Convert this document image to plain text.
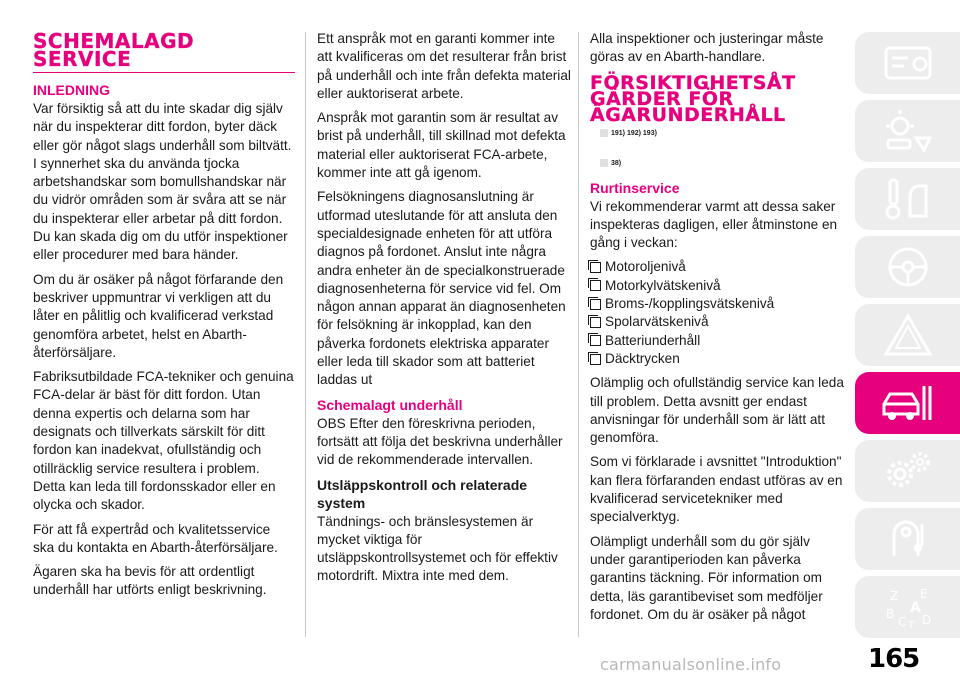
SCHEMALAGD
SERVICE
INLEDNING

Var försiktig så att du inte skadar dig själv när du inspekterar ditt fordon, byter däck eller gör något slags underhåll som biltvätt. I synnerhet ska du använda tjocka arbetshandskar som bomullshandskar när du vidrör områden som är svåra att se när du inspekterar eller arbetar på ditt fordon. Du kan skada dig om du utför inspektioner eller procedurer med bara händer.

Om du är osäker på något förfarande den beskriver uppmuntrar vi verkligen att du låter en pålitlig och kvalificerad verkstad genomföra arbetet, helst en Abarth-återförsäljare.

Fabriksutbildade FCA-tekniker och genuina FCA-delar är bäst för ditt fordon. Utan denna expertis och delarna som har designats och tillverkats särskilt för ditt fordon kan inadekvat, ofullständig och otillräcklig service resultera i problem. Detta kan leda till fordonsskador eller en olycka och skador.

För att få expertråd och kvalitetsservice ska du kontakta en Abarth-återförsäljare.

Ägaren ska ha bevis för att ordentligt underhåll har utförts enligt beskrivning.

Ett anspråk mot en garanti kommer inte att kvalificeras om det resulterar från brist på underhåll och inte från defekta material eller auktoriserat arbete.

Anspråk mot garantin som är resultat av brist på underhåll, till skillnad mot defekta material eller auktoriserat FCA-arbete, kommer inte att gå igenom.

Felsökningens diagnosanslutning är utformad uteslutande för att ansluta den specialdesignade enheten för att utföra diagnos på fordonet. Anslut inte några andra enheter än de specialkonstruerade diagnosenheterna för service vid fel. Om någon annan apparat än diagnosenheten för felsökning är inkopplad, kan den påverka fordonets elektriska apparater eller leda till skador som att batteriet laddas ut

Schemalagt underhåll

OBS Efter den föreskrivna perioden, fortsätt att följa det beskrivna underhåller vid de rekommenderade intervallen.

Utsläppskontroll och relaterade system

Tändnings- och bränslesystemen är mycket viktiga för utsläppskontrollsystemet och för effektiv motordrift. Mixtra inte med dem.

Alla inspektioner och justeringar måste göras av en Abarth-handlare.

FÖRSIKTIGHETSÅT
GÄRDER FÖR
ÄGARUNDERHÅLL
191) 192) 193)
38)
Rurtinservice

Vi rekommenderar varmt att dessa saker inspekteras dagligen, eller åtminstone en gång i veckan:

Motoroljenivå
Motorkylvätskenivå
Broms-/kopplingsvätskenivå
Spolarvätskenivå
Batteriunderhåll
Däcktrycken

Olämplig och ofullständig service kan leda till problem. Detta avsnitt ger endast anvisningar för underhåll som är lätt att genomföra.

Som vi förklarade i avsnittet "Introduktion" kan flera förfaranden endast utföras av en kvalificerad servicetekniker med specialverktyg.

Olämpligt underhåll som du gör själv under garantiperioden kan påverka garantins täckning. För information om detta, läs garantibeviset som medföljer fordonet. Om du är osäker på något

Z E
A
B
C T D
165
carmanualsonline.info
